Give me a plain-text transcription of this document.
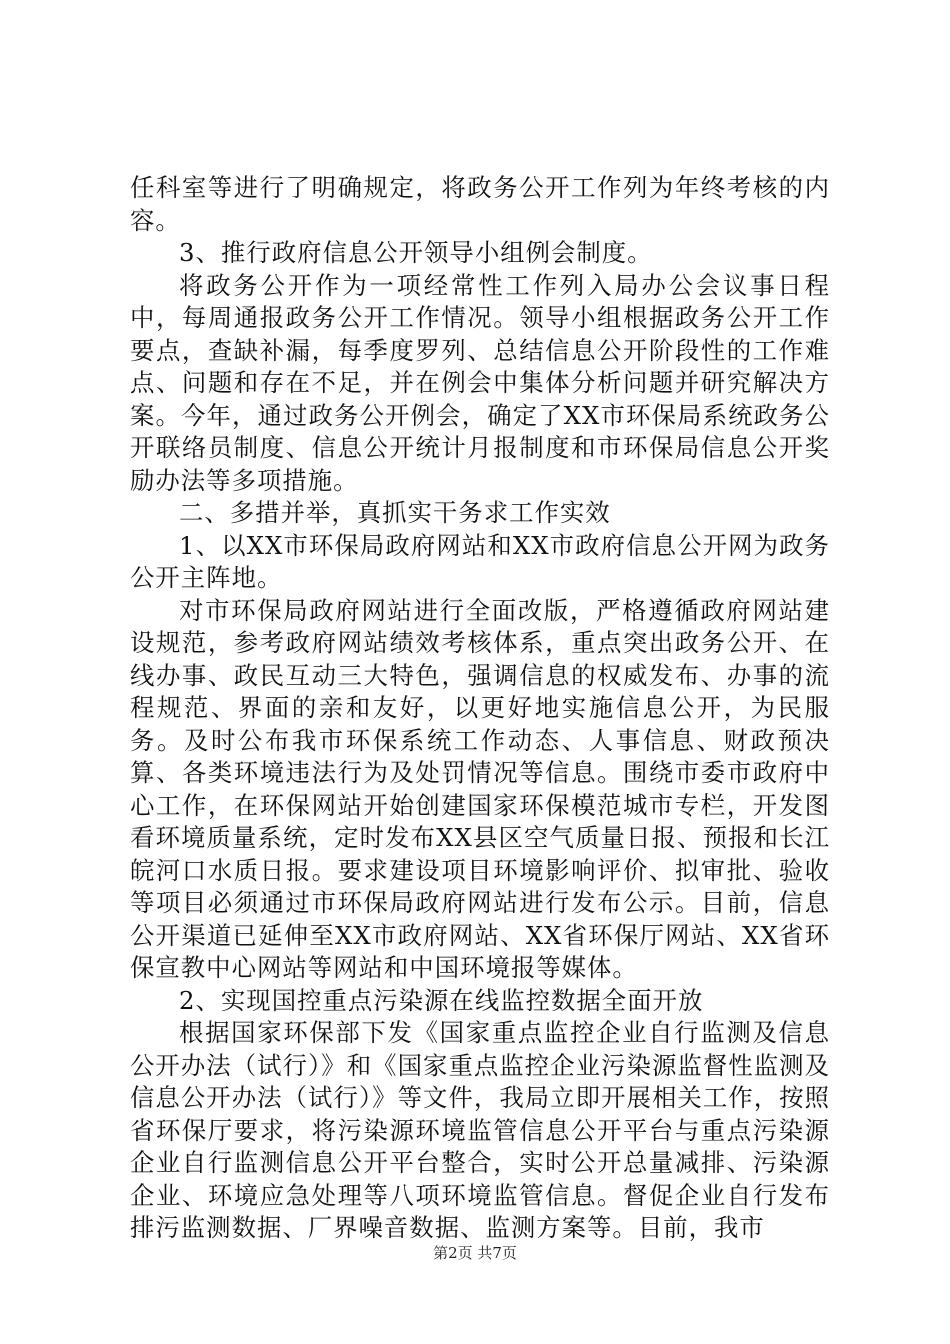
任科室等进行了明确规定，将政务公开工作列为年终考核的内容。

3、推行政府信息公开领导小组例会制度。

将政务公开作为一项经常性工作列入局办公会议事日程中，每周通报政务公开工作情况。领导小组根据政务公开工作要点，查缺补漏，每季度罗列、总结信息公开阶段性的工作难点、问题和存在不足，并在例会中集体分析问题并研究解决方案。今年，通过政务公开例会，确定了XX市环保局系统政务公开联络员制度、信息公开统计月报制度和市环保局信息公开奖励办法等多项措施。

二、多措并举，真抓实干务求工作实效

1、以XX市环保局政府网站和XX市政府信息公开网为政务公开主阵地。

对市环保局政府网站进行全面改版，严格遵循政府网站建设规范，参考政府网站绩效考核体系，重点突出政务公开、在线办事、政民互动三大特色，强调信息的权威发布、办事的流程规范、界面的亲和友好，以更好地实施信息公开，为民服务。及时公布我市环保系统工作动态、人事信息、财政预决算、各类环境违法行为及处罚情况等信息。围绕市委市政府中心工作，在环保网站开始创建国家环保模范城市专栏，开发图看环境质量系统，定时发布XX县区空气质量日报、预报和长江皖河口水质日报。要求建设项目环境影响评价、拟审批、验收等项目必须通过市环保局政府网站进行发布公示。目前，信息公开渠道已延伸至XX市政府网站、XX省环保厅网站、XX省环保宣教中心网站等网站和中国环境报等媒体。

2、实现国控重点污染源在线监控数据全面开放

根据国家环保部下发《国家重点监控企业自行监测及信息公开办法（试行）》和《国家重点监控企业污染源监督性监测及信息公开办法（试行）》等文件，我局立即开展相关工作，按照省环保厅要求，将污染源环境监管信息公开平台与重点污染源企业自行监测信息公开平台整合，实时公开总量减排、污染源企业、环境应急处理等八项环境监管信息。督促企业自行发布排污监测数据、厂界噪音数据、监测方案等。目前，我市

第2页 共7页
